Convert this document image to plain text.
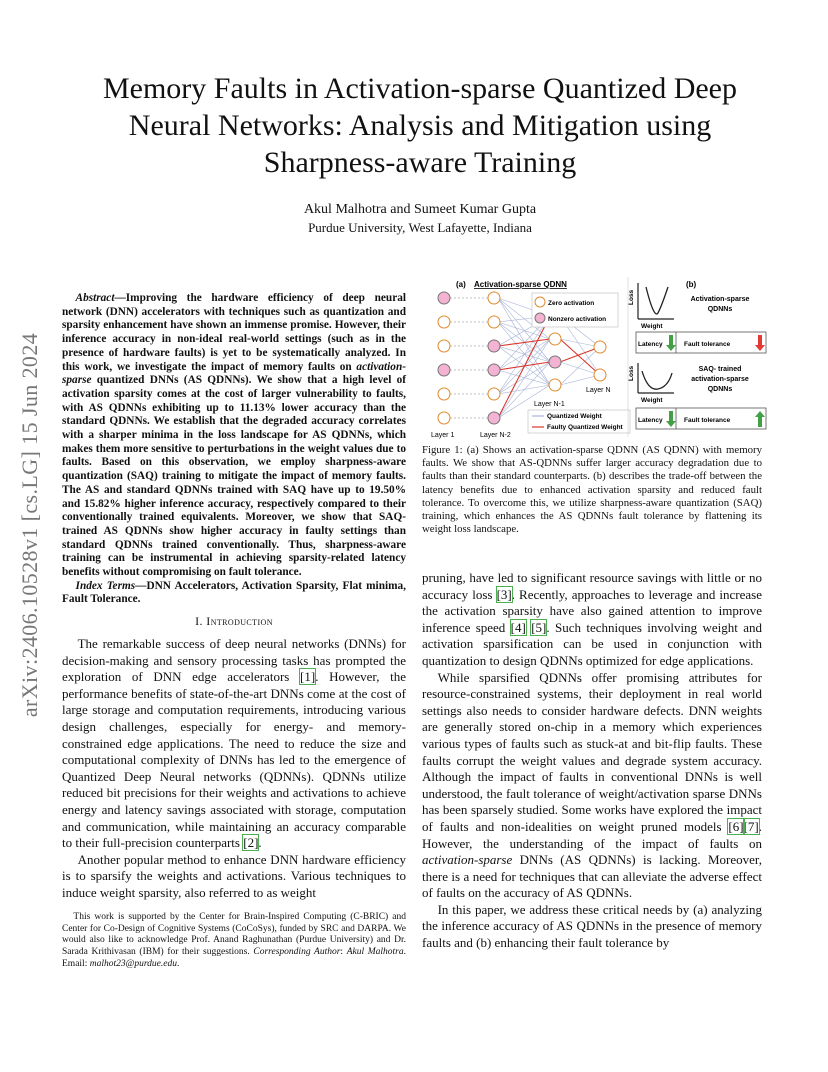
arXiv:2406.10528v1 [cs.LG] 15 Jun 2024
Memory Faults in Activation-sparse Quantized Deep Neural Networks: Analysis and Mitigation using Sharpness-aware Training
Akul Malhotra and Sumeet Kumar Gupta
Purdue University, West Lafayette, Indiana

Abstract—Improving the hardware efficiency of deep neural network (DNN) accelerators with techniques such as quantization and sparsity enhancement have shown an immense promise. However, their inference accuracy in non-ideal real-world settings (such as in the presence of hardware faults) is yet to be systematically analyzed. In this work, we investigate the impact of memory faults on activation-sparse quantized DNNs (AS QDNNs). We show that a high level of activation sparsity comes at the cost of larger vulnerability to faults, with AS QDNNs exhibiting up to 11.13% lower accuracy than the standard QDNNs. We establish that the degraded accuracy correlates with a sharper minima in the loss landscape for AS QDNNs, which makes them more sensitive to perturbations in the weight values due to faults. Based on this observation, we employ sharpness-aware quantization (SAQ) training to mitigate the impact of memory faults. The AS and standard QDNNs trained with SAQ have up to 19.50% and 15.82% higher inference accuracy, respectively compared to their conventionally trained equivalents. Moreover, we show that SAQ-trained AS QDNNs show higher accuracy in faulty settings than standard QDNNs trained conventionally. Thus, sharpness-aware training can be instrumental in achieving sparsity-related latency benefits without compromising on fault tolerance.

Index Terms—DNN Accelerators, Activation Sparsity, Flat minima, Fault Tolerance.

I. Introduction

The remarkable success of deep neural networks (DNNs) for decision-making and sensory processing tasks has prompted the exploration of DNN edge accelerators [1]. However, the performance benefits of state-of-the-art DNNs come at the cost of large storage and computation requirements, introducing various design challenges, especially for energy- and memory-constrained edge applications. The need to reduce the size and computational complexity of DNNs has led to the emergence of Quantized Deep Neural networks (QDNNs). QDNNs utilize reduced bit precisions for their weights and activations to achieve energy and latency savings associated with storage, computation and communication, while maintaining an accuracy comparable to their full-precision counterparts [2].

Another popular method to enhance DNN hardware efficiency is to sparsify the weights and activations. Various techniques to induce weight sparsity, also referred to as weight

This work is supported by the Center for Brain-Inspired Computing (C-BRIC) and Center for Co-Design of Cognitive Systems (CoCoSys), funded by SRC and DARPA. We would also like to acknowledge Prof. Anand Raghunathan (Purdue University) and Dr. Sarada Krithivasan (IBM) for their suggestions. Corresponding Author: Akul Malhotra. Email: malhot23@purdue.edu.

(a) Activation-sparse QDNN
Zero activation
Nonzero activation
Layer 1	Layer N-2
Layer N-1
Layer N
Quantized Weight
Faulty Quantized Weight
(b)
Loss
Weight
Activation-sparse
QDNNs
Latency	Fault tolerance
Loss
Weight
SAQ- trained
activation-sparse
QDNNs
Latency	Fault tolerance
Figure 1: (a) Shows an activation-sparse QDNN (AS QDNN) with memory faults. We show that AS-QDNNs suffer larger accuracy degradation due to faults than their standard counterparts. (b) describes the trade-off between the latency benefits due to enhanced activation sparsity and reduced fault tolerance. To overcome this, we utilize sharpness-aware quantization (SAQ) training, which enhances the AS QDNNs fault tolerance by flattening its weight loss landscape.

pruning, have led to significant resource savings with little or no accuracy loss [3]. Recently, approaches to leverage and increase the activation sparsity have also gained attention to improve inference speed [4] [5]. Such techniques involving weight and activation sparsification can be used in conjunction with quantization to design QDNNs optimized for edge applications.

While sparsified QDNNs offer promising attributes for resource-constrained systems, their deployment in real world settings also needs to consider hardware defects. DNN weights are generally stored on-chip in a memory which experiences various types of faults such as stuck-at and bit-flip faults. These faults corrupt the weight values and degrade system accuracy. Although the impact of faults in conventional DNNs is well understood, the fault tolerance of weight/activation sparse DNNs has been sparsely studied. Some works have explored the impact of faults and non-idealities on weight pruned models [6][7]. However, the understanding of the impact of faults on activation-sparse DNNs (AS QDNNs) is lacking. Moreover, there is a need for techniques that can alleviate the adverse effect of faults on the accuracy of AS QDNNs.

In this paper, we address these critical needs by (a) analyzing the inference accuracy of AS QDNNs in the presence of memory faults and (b) enhancing their fault tolerance by
